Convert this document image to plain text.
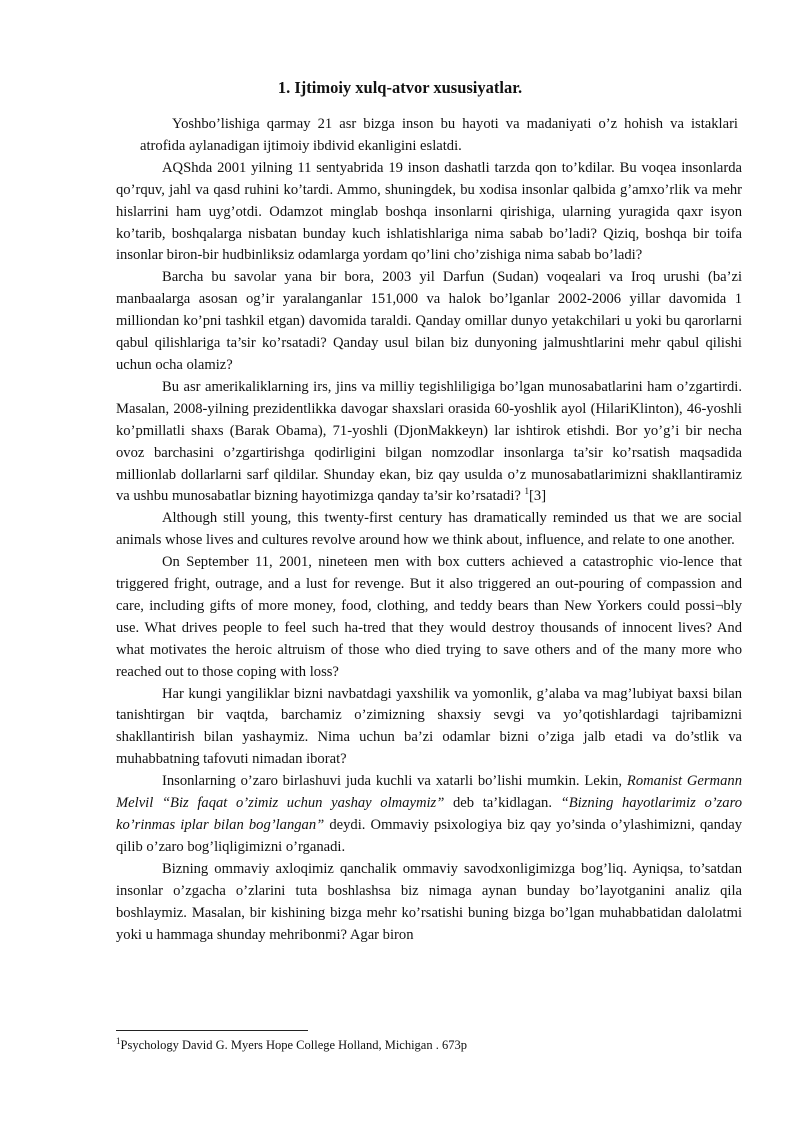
1. Ijtimoiy xulq-atvor xususiyatlar.

Yoshbo’lishiga qarmay 21 asr bizga inson bu hayoti va madaniyati o’z hohish va istaklari atrofida aylanadigan ijtimoiy ibdivid ekanligini eslatdi.

AQShda 2001 yilning 11 sentyabrida 19 inson dashatli tarzda qon to’kdilar. Bu voqea insonlarda qo’rquv, jahl va qasd ruhini ko’tardi. Ammo, shuningdek, bu xodisa insonlar qalbida g’amxo’rlik va mehr hislarrini ham uyg’otdi. Odamzot minglab boshqa insonlarni qirishiga, ularning yuragida qaxr isyon ko’tarib, boshqalarga nisbatan bunday kuch ishlatishlariga nima sabab bo’ladi? Qiziq, boshqa bir toifa insonlar biron-bir hudbinliksiz odamlarga yordam qo’lini cho’zishiga nima sabab bo’ladi?

Barcha bu savolar yana bir bora, 2003 yil Darfun (Sudan) voqealari va Iroq urushi (ba’zi manbaalarga asosan og’ir yaralanganlar 151,000 va halok bo’lganlar 2002-2006 yillar davomida 1 milliondan ko’pni tashkil etgan) davomida taraldi. Qanday omillar dunyo yetakchilari u yoki bu qarorlarni qabul qilishlariga ta’sir ko’rsatadi? Qanday usul bilan biz dunyoning jalmushtlarini mehr qabul qilishi uchun ocha olamiz?

Bu asr amerikaliklarning irs, jins va milliy tegishliligiga bo’lgan munosabatlarini ham o’zgartirdi. Masalan, 2008-yilning prezidentlikka davogar shaxslari orasida 60-yoshlik ayol (HilariKlinton), 46-yoshli ko’pmillatli shaxs (Barak Obama), 71-yoshli (DjonMakkeyn) lar ishtirok etishdi. Bor yo’g’i bir necha ovoz barchasini o’zgartirishga qodirligini bilgan nomzodlar insonlarga ta’sir ko’rsatish maqsadida millionlab dollarlarni sarf qildilar. Shunday ekan, biz qay usulda o’z munosabatlarimizni shakllantiramiz va ushbu munosabatlar bizning hayotimizga qanday ta’sir ko’rsatadi? $^1$[3]

Although still young, this twenty-first century has dramatically reminded us that we are social animals whose lives and cultures revolve around how we think about, influence, and relate to one another.

On September 11, 2001, nineteen men with box cutters achieved a catastrophic vio-lence that triggered fright, outrage, and a lust for revenge. But it also triggered an out-pouring of compassion and care, including gifts of more money, food, clothing, and teddy bears than New Yorkers could possi¬bly use. What drives people to feel such ha-tred that they would destroy thousands of innocent lives? And what motivates the heroic altruism of those who died trying to save others and of the many more who reached out to those coping with loss?

Har kungi yangiliklar bizni navbatdagi yaxshilik va yomonlik, g’alaba va mag’lubiyat baxsi bilan tanishtirgan bir vaqtda, barchamiz o’zimizning shaxsiy sevgi va yo’qotishlardagi tajribamizni shakllantirish bilan yashaymiz. Nima uchun ba’zi odamlar bizni o’ziga jalb etadi va do’stlik va muhabbatning tafovuti nimadan iborat?

Insonlarning o’zaro birlashuvi juda kuchli va xatarli bo’lishi mumkin. Lekin, Romanist Germann Melvil “Biz faqat o’zimiz uchun yashay olmaymiz” deb ta’kidlagan. “Bizning hayotlarimiz o’zaro ko’rinmas iplar bilan bog’langan” deydi. Ommaviy psixologiya biz qay yo’sinda o’ylashimizni, qanday qilib o’zaro bog’liqligimizni o’rganadi.

Bizning ommaviy axloqimiz qanchalik ommaviy savodxonligimizga bog’liq. Ayniqsa, to’satdan insonlar o’zgacha o’zlarini tuta boshlashsa biz nimaga aynan bunday bo’layotganini analiz qila boshlaymiz. Masalan, bir kishining bizga mehr ko’rsatishi buning bizga bo’lgan muhabbatidan dalolatmi yoki u hammaga shunday mehribonmi? Agar biron

$^1$Psychology David G. Myers Hope College Holland, Michigan . 673p
